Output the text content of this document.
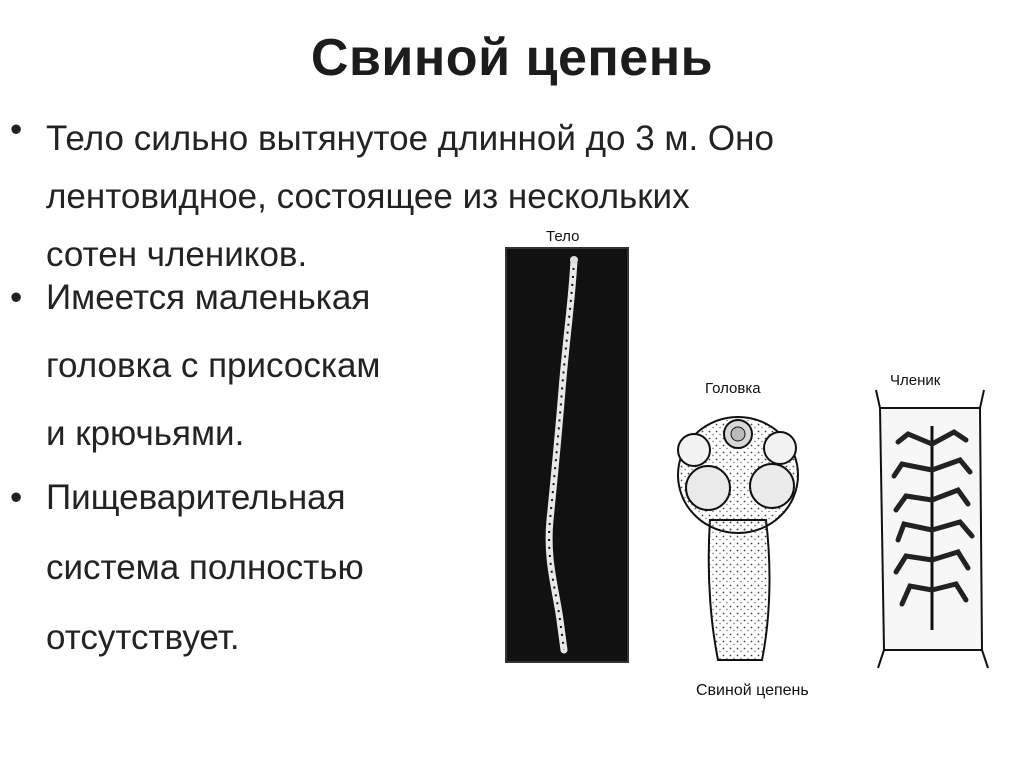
Свиной цепень
• Тело сильно вытянутое длинной до 3 м. Оно
лентовидное, состоящее из нескольких
сотен члеников.
• Имеется маленькая
головка с присоскам
и крючьями.
• Пищеварительная
система полностью
отсутствует.
Тело
Головка	Членик
Свиной цепень
